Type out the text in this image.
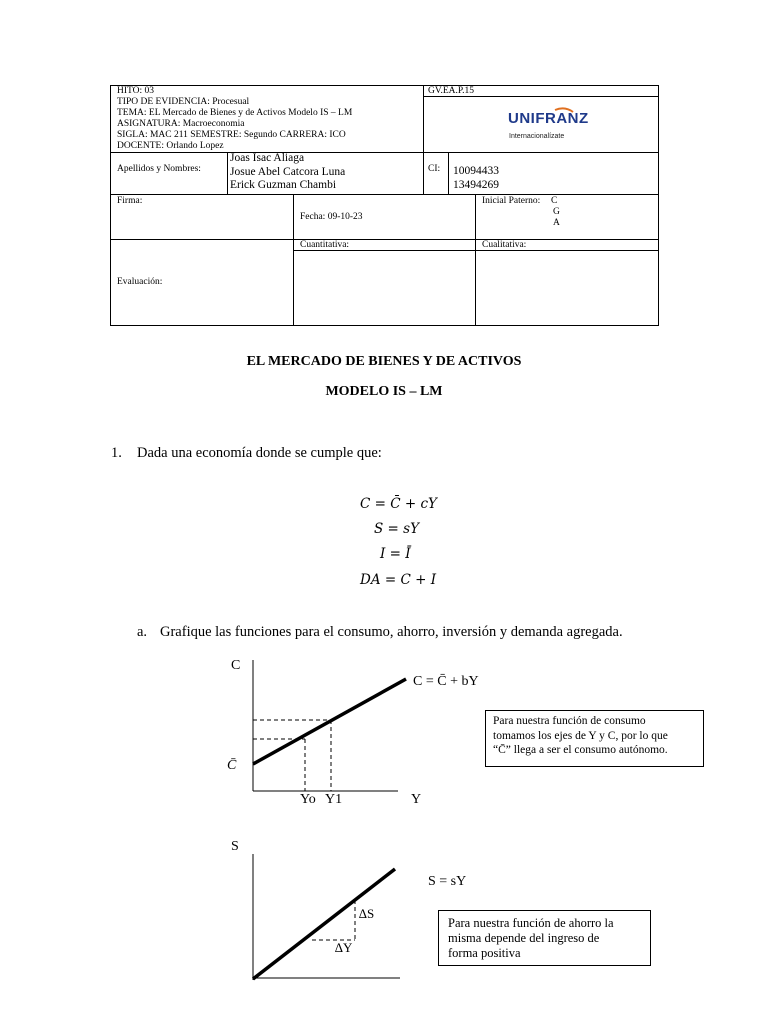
HITO: 03
TIPO DE EVIDENCIA: Procesual
TEMA: EL Mercado de Bienes y de Activos Modelo IS – LM
ASIGNATURA: Macroeconomia
SIGLA: MAC 211 SEMESTRE: Segundo CARRERA: ICO
DOCENTE: Orlando Lopez
GV.EA.P.15
UNIFRANZ
Internacionalízate
Apellidos y Nombres:
Joas Isac Aliaga
Josue Abel Catcora Luna
Erick Guzman Chambi
CI: 10094433
13494269
Firma:
Fecha: 09-10-23
Inicial Paterno: C
G
A
Cuantitativa:	Cualitativa:
Evaluación:
EL MERCADO DE BIENES Y DE ACTIVOS
MODELO IS – LM
1. Dada una economía donde se cumple que:
C = C̄ + cY
S = sY
I = Ī
DA = C + I
a. Grafique las funciones para el consumo, ahorro, inversión y demanda agregada.
C
C̄
C = C̄ + bY
Yo Y1	Y
Para nuestra función de consumo
tomamos los ejes de Y y C, por lo que
“C̄” llega a ser el consumo autónomo.
S
S = sY
∆S
∆Y
Para nuestra función de ahorro la
misma depende del ingreso de
forma positiva
